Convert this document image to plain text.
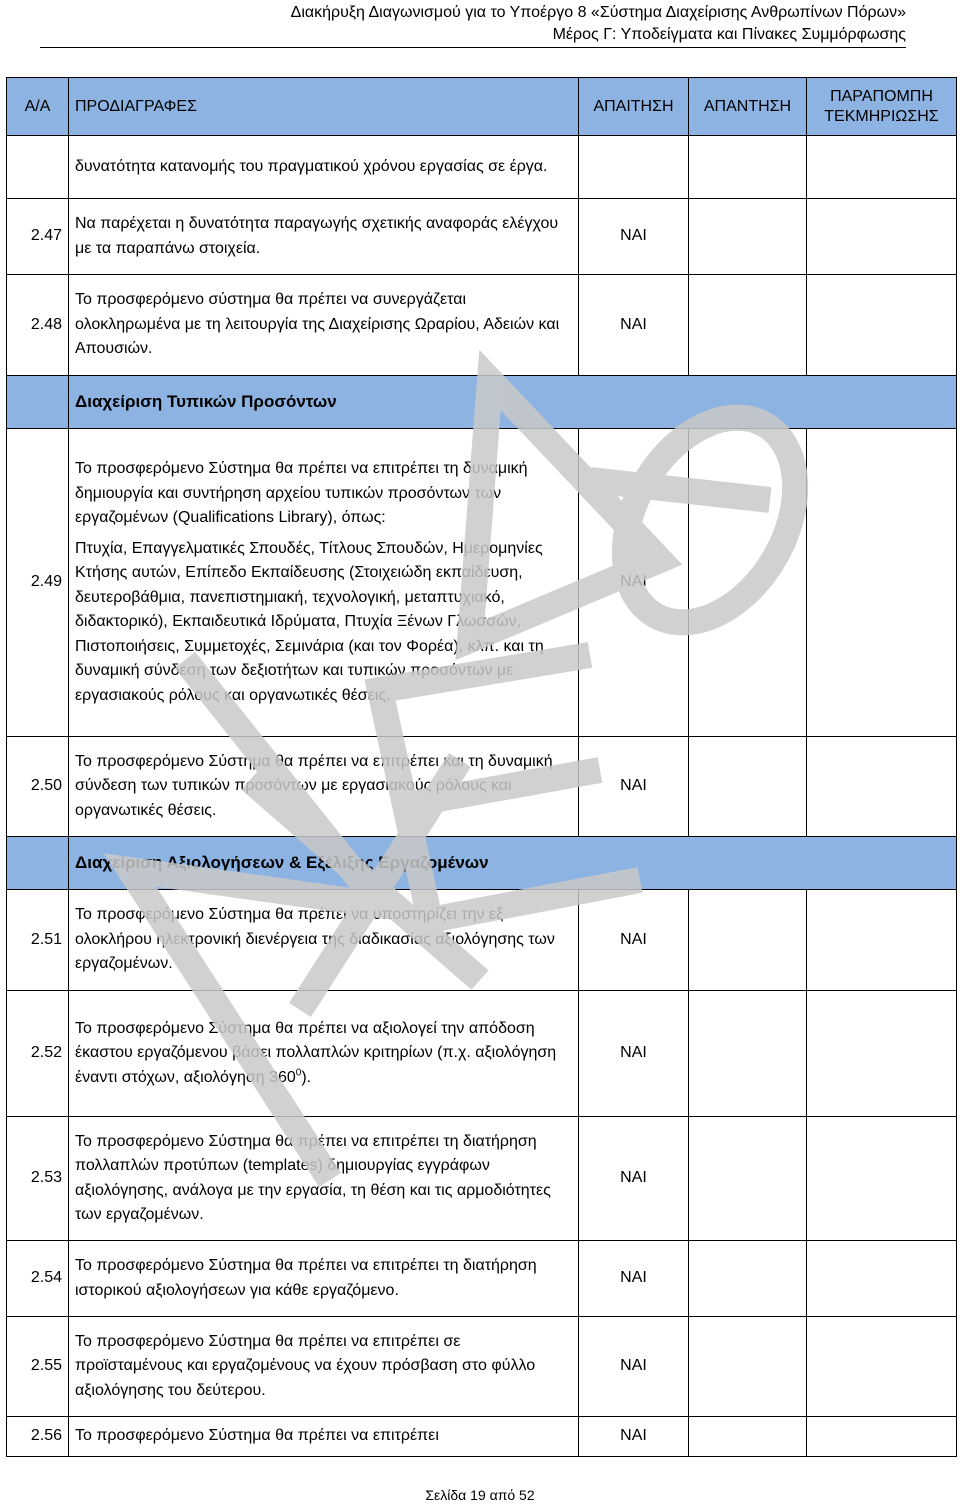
Διακήρυξη Διαγωνισμού για το Υποέργο 8 «Σύστημα Διαχείρισης Ανθρωπίνων Πόρων»
Μέρος Γ: Υποδείγματα και Πίνακες Συμμόρφωσης
Α/Α	ΠΡΟΔΙΑΓΡΑΦΕΣ	ΑΠΑΙΤΗΣΗ	ΑΠΑΝΤΗΣΗ	ΠΑΡΑΠΟΜΠΗ ΤΕΚΜΗΡΙΩΣΗΣ
	δυνατότητα κατανομής του πραγματικού χρόνου εργασίας σε έργα.			
2.47	Να παρέχεται η δυνατότητα παραγωγής σχετικής αναφοράς ελέγχου με τα παραπάνω στοιχεία.	ΝΑΙ		
2.48	Το προσφερόμενο σύστημα θα πρέπει να συνεργάζεται ολοκληρωμένα με τη λειτουργία της Διαχείρισης Ωραρίου, Αδειών και Απουσιών.	ΝΑΙ		
	Διαχείριση Τυπικών Προσόντων			
2.49	Το προσφερόμενο Σύστημα θα πρέπει να επιτρέπει τη δυναμική δημιουργία και συντήρηση αρχείου τυπικών προσόντων των εργαζομένων (Qualifications Library), όπως:
Πτυχία, Επαγγελματικές Σπουδές, Τίτλους Σπουδών, Ημερομηνίες Κτήσης αυτών, Επίπεδο Εκπαίδευσης (Στοιχειώδη εκπαίδευση, δευτεροβάθμια, πανεπιστημιακή, τεχνολογική, μεταπτυχιακό, διδακτορικό), Εκπαιδευτικά Ιδρύματα, Πτυχία Ξένων Γλωσσών, Πιστοποιήσεις, Συμμετοχές, Σεμινάρια (και τον Φορέα), κλπ. και τη δυναμική σύνδεση των δεξιοτήτων και τυπικών προσόντων με εργασιακούς ρόλους και οργανωτικές θέσεις.	ΝΑΙ		
2.50	Το προσφερόμενο Σύστημα θα πρέπει να επιτρέπει και τη δυναμική σύνδεση των τυπικών προσόντων με εργασιακούς ρόλους και οργανωτικές θέσεις.	ΝΑΙ		
	Διαχείριση Αξιολογήσεων & Εξέλιξης Εργαζομένων			
2.51	Το προσφερόμενο Σύστημα θα πρέπει να υποστηρίζει την εξ ολοκλήρου ηλεκτρονική διενέργεια της διαδικασίας αξιολόγησης των εργαζομένων.	ΝΑΙ		
2.52	Το προσφερόμενο Σύστημα θα πρέπει να αξιολογεί την απόδοση έκαστου εργαζόμενου βάσει πολλαπλών κριτηρίων (π.χ. αξιολόγηση έναντι στόχων, αξιολόγηση $360^0$).	ΝΑΙ		
2.53	Το προσφερόμενο Σύστημα θα πρέπει να επιτρέπει τη διατήρηση πολλαπλών προτύπων (templates) δημιουργίας εγγράφων αξιολόγησης, ανάλογα με την εργασία, τη θέση και τις αρμοδιότητες των εργαζομένων.	ΝΑΙ		
2.54	Το προσφερόμενο Σύστημα θα πρέπει να επιτρέπει τη διατήρηση ιστορικού αξιολογήσεων για κάθε εργαζόμενο.	ΝΑΙ		
2.55	Το προσφερόμενο Σύστημα θα πρέπει να επιτρέπει σε προϊσταμένους και εργαζομένους να έχουν πρόσβαση στο φύλλο αξιολόγησης του δεύτερου.	ΝΑΙ		
2.56	Το προσφερόμενο Σύστημα θα πρέπει να επιτρέπει	ΝΑΙ		
Σελίδα 19 από 52
